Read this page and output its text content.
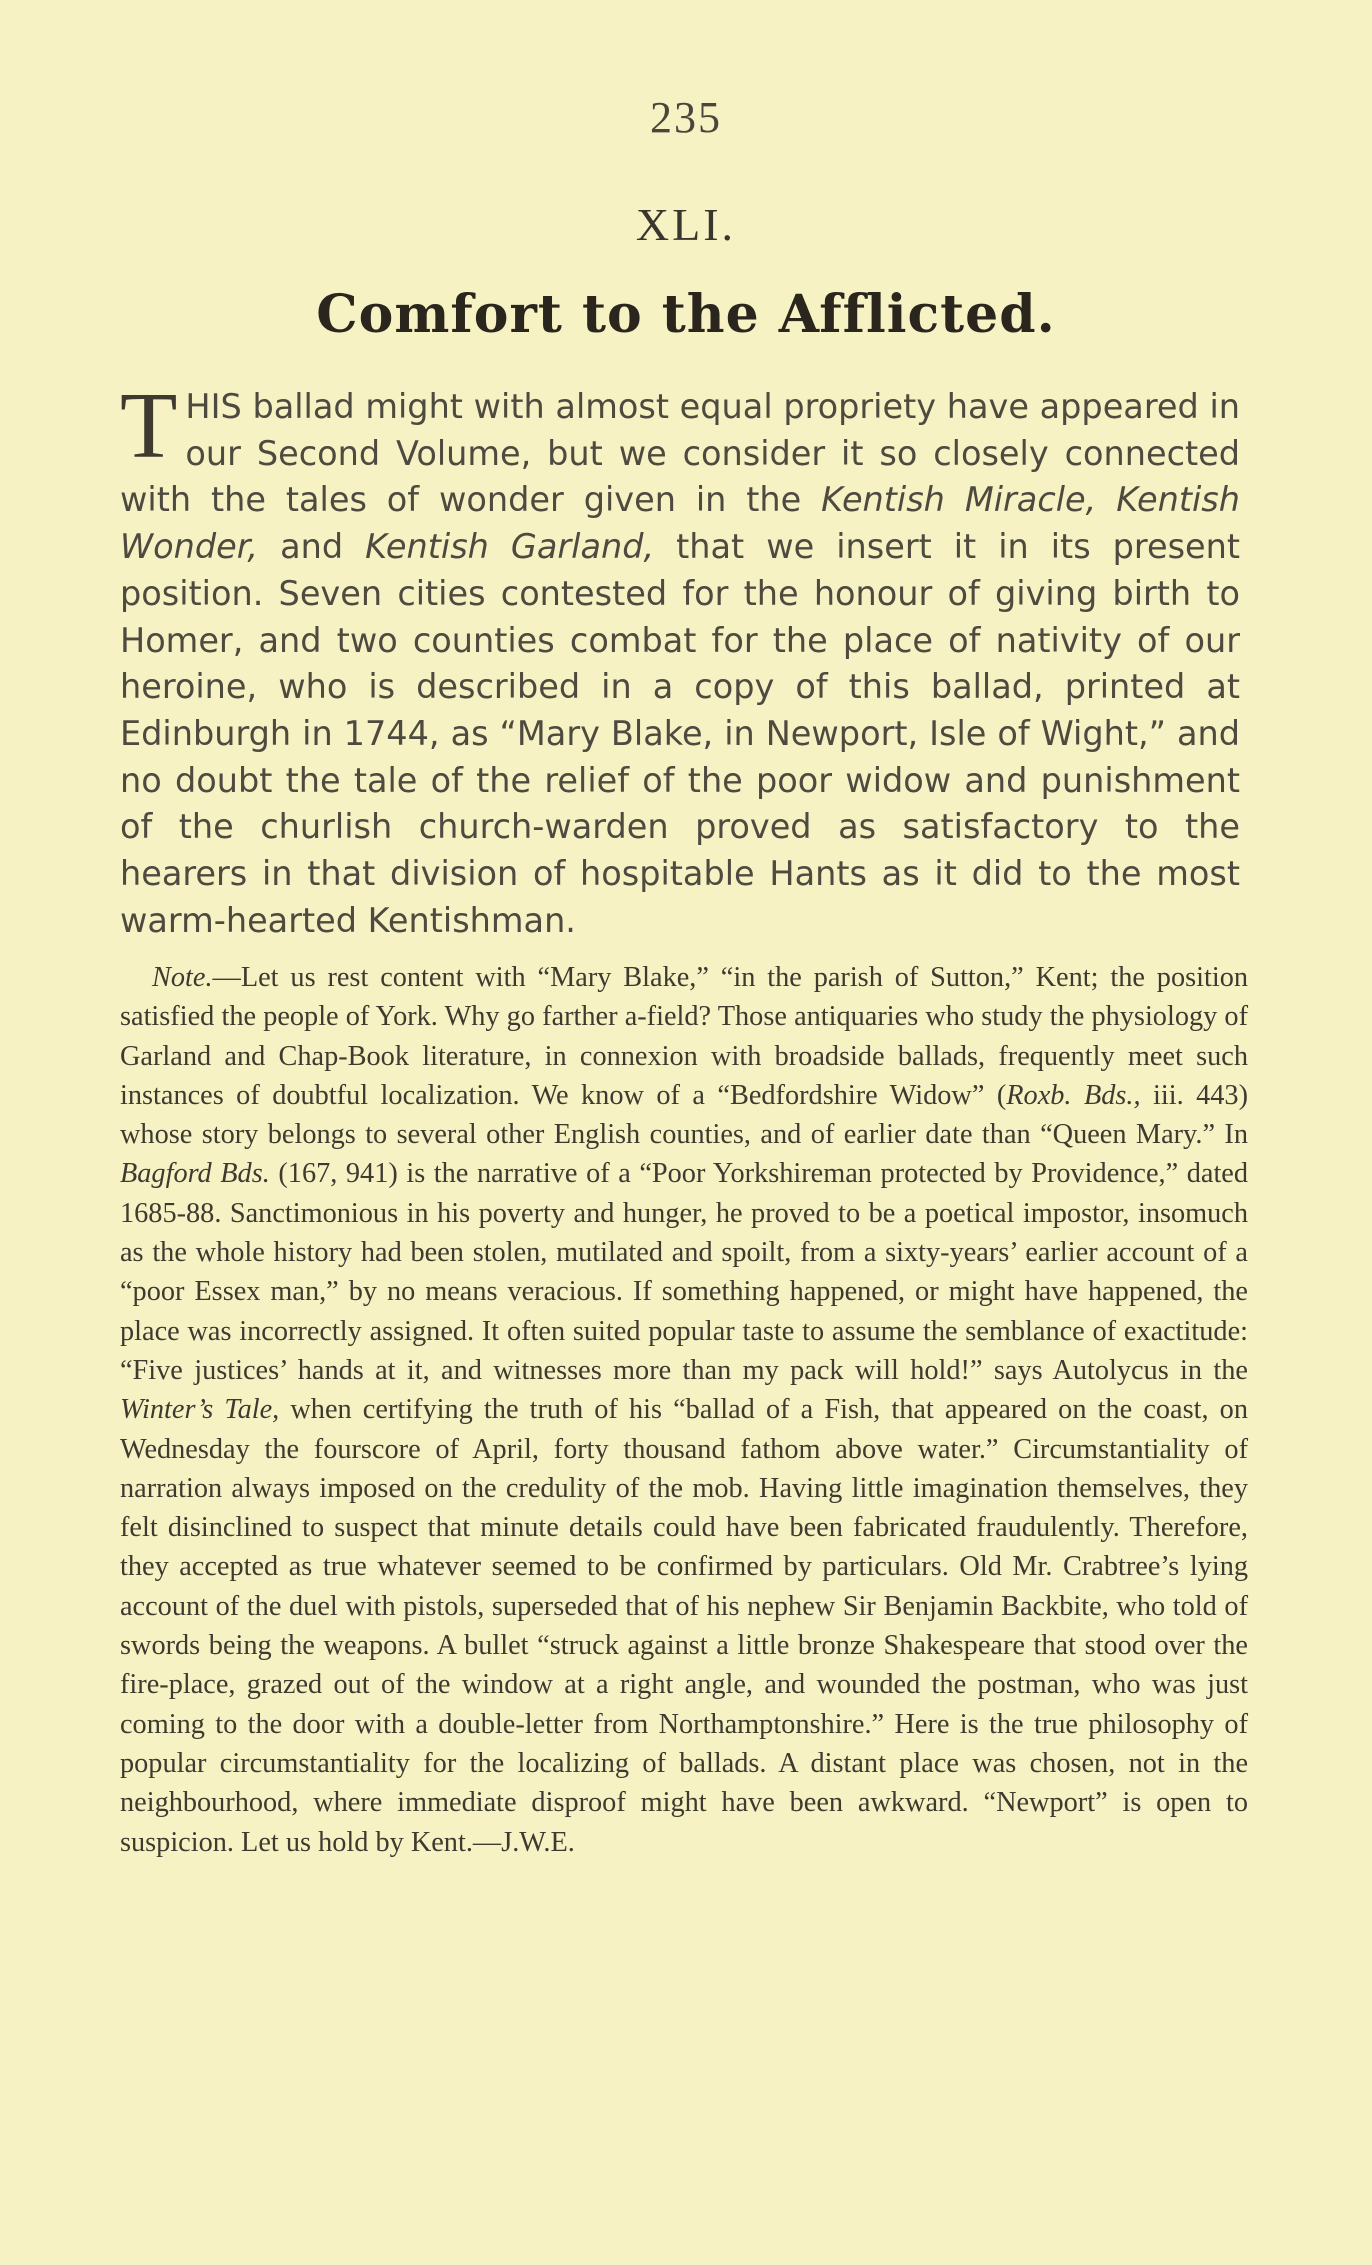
235
XLI.
Comfort to the Afflicted.

THIS ballad might with almost equal propriety have appeared in our Second Volume, but we consider it so closely connected with the tales of wonder given in the Kentish Miracle, Kentish Wonder, and Kentish Garland, that we insert it in its present position. Seven cities contested for the honour of giving birth to Homer, and two counties combat for the place of nativity of our heroine, who is described in a copy of this ballad, printed at Edinburgh in 1744, as “Mary Blake, in Newport, Isle of Wight,” and no doubt the tale of the relief of the poor widow and punishment of the churlish church-warden proved as satisfactory to the hearers in that division of hospitable Hants as it did to the most warm-hearted Kentishman.

Note.—Let us rest content with “Mary Blake,” “in the parish of Sutton,” Kent; the position satisfied the people of York. Why go farther a-field? Those antiquaries who study the physiology of Garland and Chap-Book literature, in connexion with broadside ballads, frequently meet such instances of doubtful localization. We know of a “Bedfordshire Widow” (Roxb. Bds., iii. 443) whose story belongs to several other English counties, and of earlier date than “Queen Mary.” In Bagford Bds. (167, 941) is the narrative of a “Poor Yorkshireman protected by Providence,” dated 1685-88. Sanctimonious in his poverty and hunger, he proved to be a poetical impostor, insomuch as the whole history had been stolen, mutilated and spoilt, from a sixty-years’ earlier account of a “poor Essex man,” by no means veracious. If something happened, or might have happened, the place was incorrectly assigned. It often suited popular taste to assume the semblance of exactitude: “Five justices’ hands at it, and witnesses more than my pack will hold!” says Autolycus in the Winter’s Tale, when certifying the truth of his “ballad of a Fish, that appeared on the coast, on Wednesday the fourscore of April, forty thousand fathom above water.” Circumstantiality of narration always imposed on the credulity of the mob. Having little imagination themselves, they felt disinclined to suspect that minute details could have been fabricated fraudulently. Therefore, they accepted as true whatever seemed to be confirmed by particulars. Old Mr. Crabtree’s lying account of the duel with pistols, superseded that of his nephew Sir Benjamin Backbite, who told of swords being the weapons. A bullet “struck against a little bronze Shakespeare that stood over the fire-place, grazed out of the window at a right angle, and wounded the postman, who was just coming to the door with a double-letter from Northamptonshire.” Here is the true philosophy of popular circumstantiality for the localizing of ballads. A distant place was chosen, not in the neighbourhood, where immediate disproof might have been awkward. “Newport” is open to suspicion. Let us hold by Kent.—J.W.E.
